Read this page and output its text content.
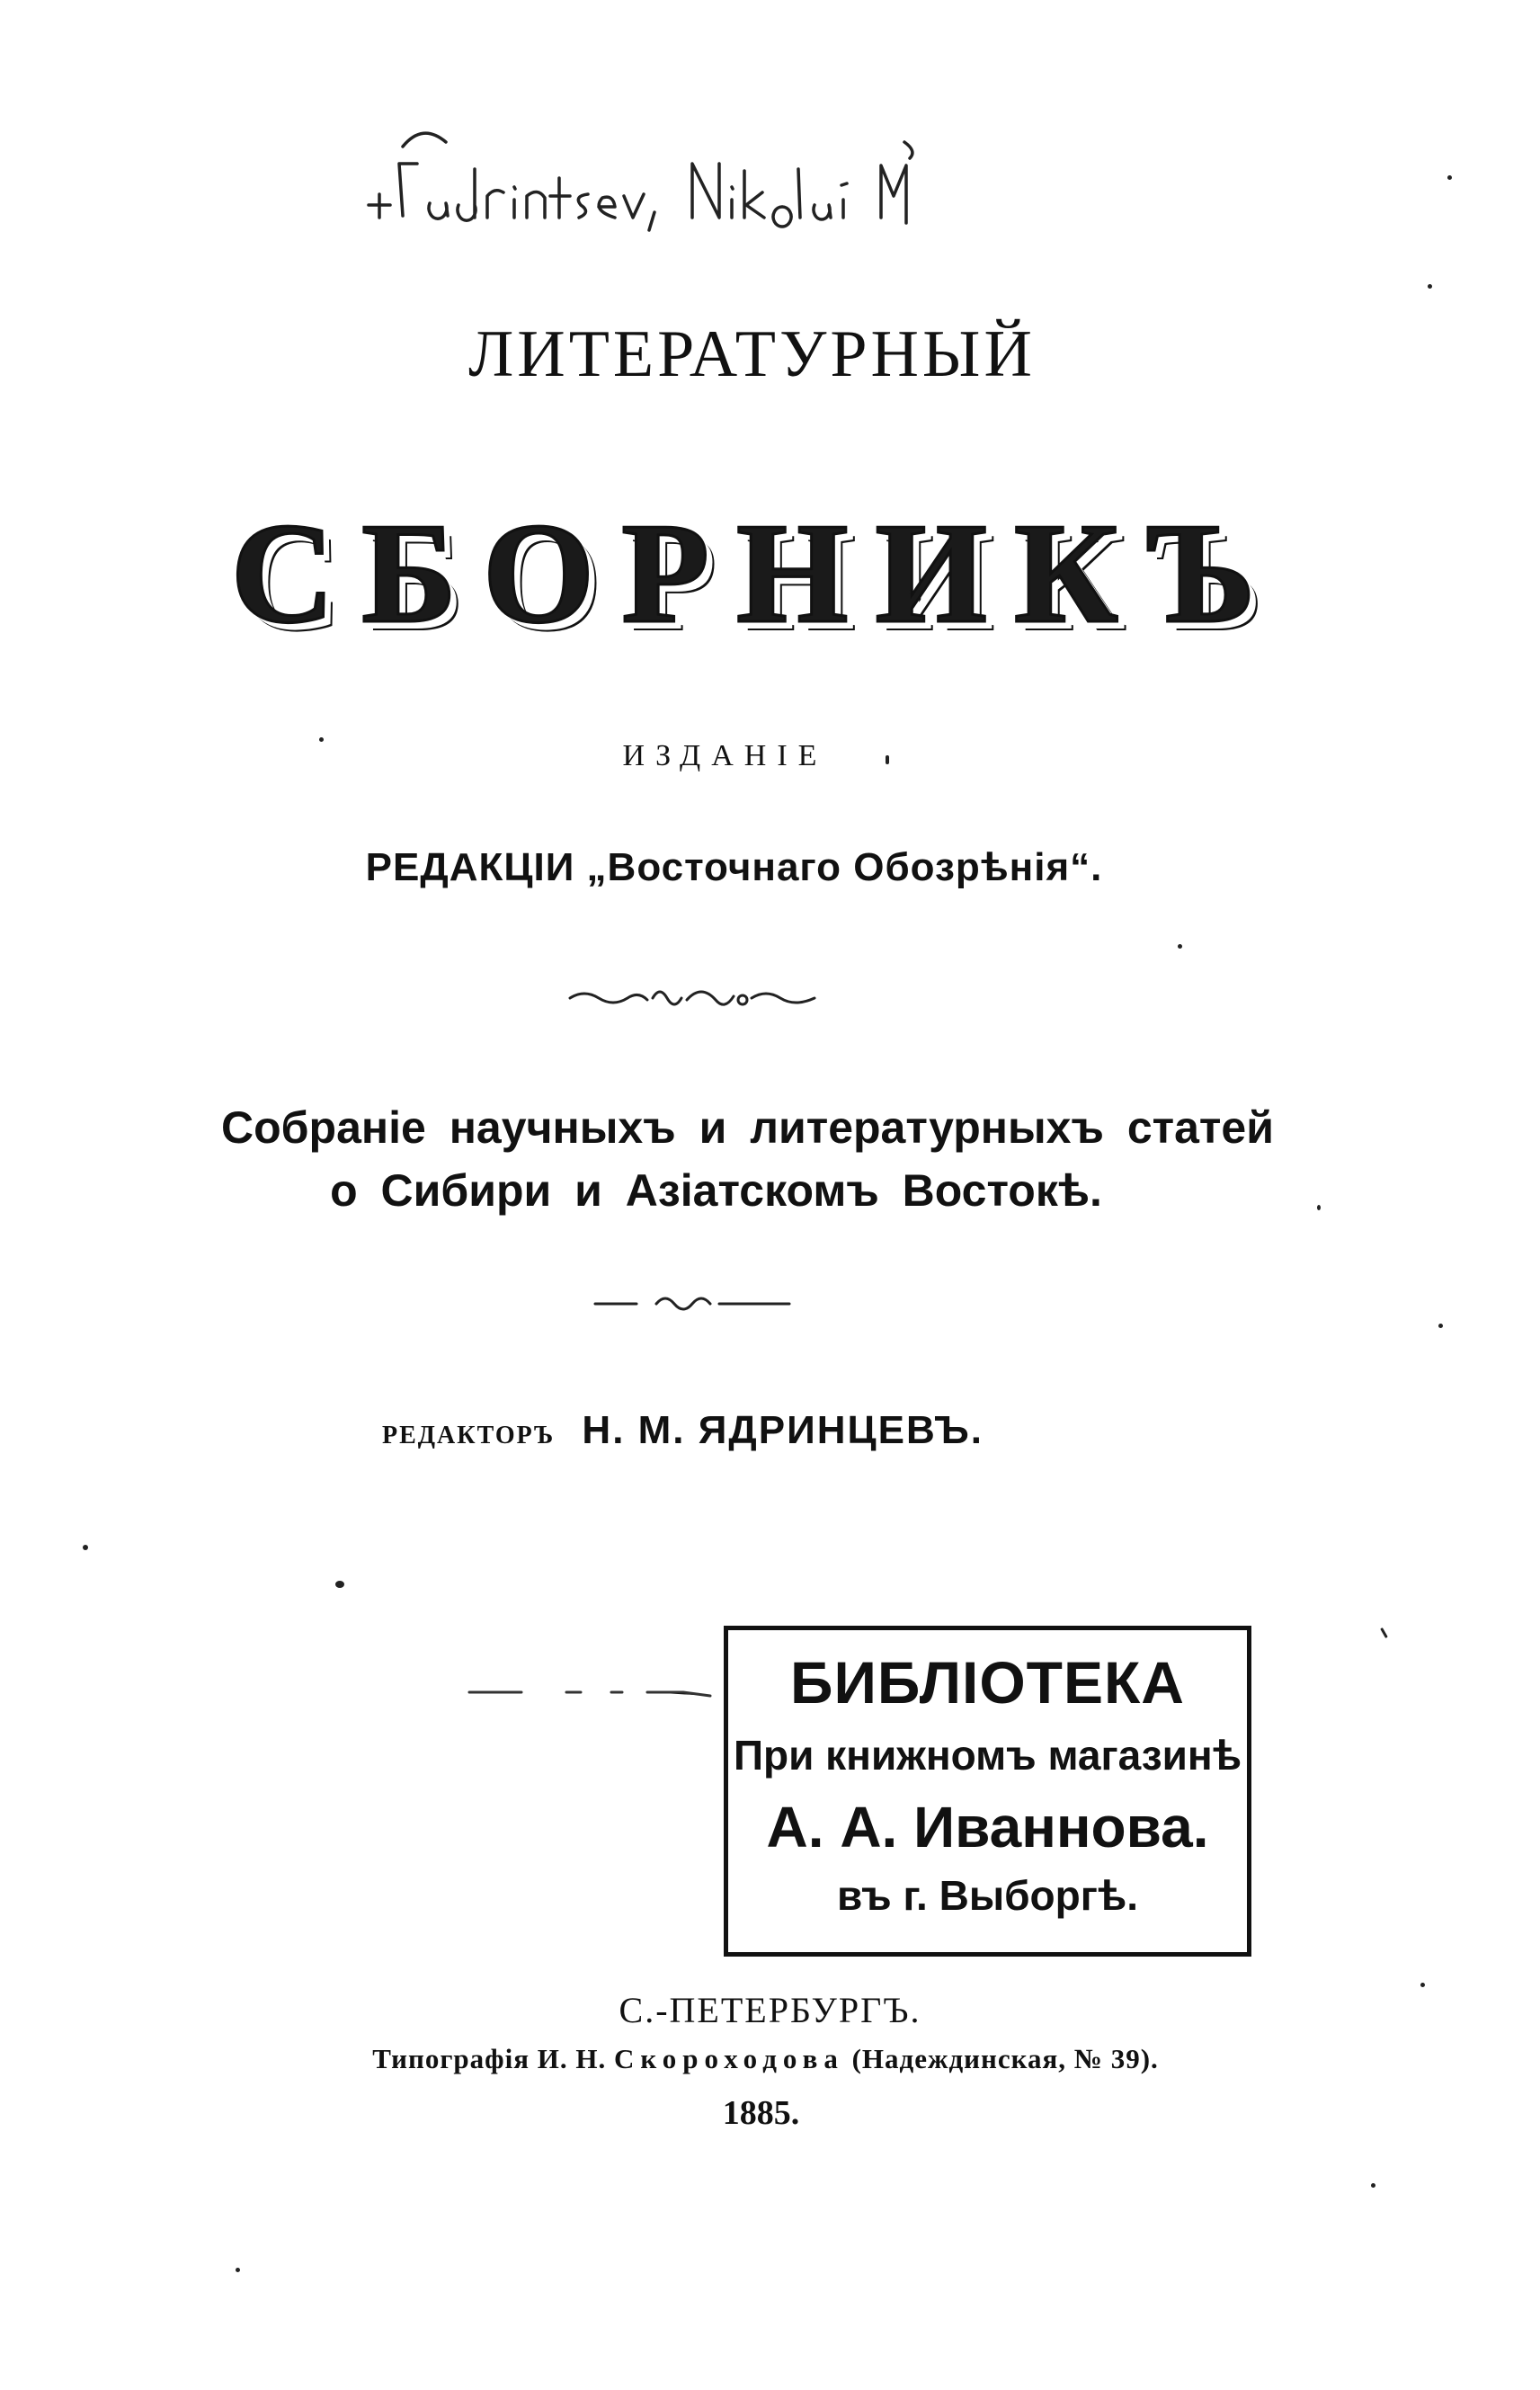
ЛИТЕРАТУРНЫЙ
СБОРНИКЪ
ИЗДАНІЕ
РЕДАКЦІИ „Восточнаго Обозрѣнія“.
Собраніе научныхъ и литературныхъ статей
о Сибири и Азіатскомъ Востокѣ.
РЕДАКТОРЪ Н. М. ЯДРИНЦЕВЪ.
БИБЛІОТЕКА
При книжномъ магазинѣ
А. А. Иваннова.
въ г. Выборгѣ.
С.-ПЕТЕРБУРГЪ.
Типографія И. Н. Скороходова (Надеждинская, № 39).
1885.
